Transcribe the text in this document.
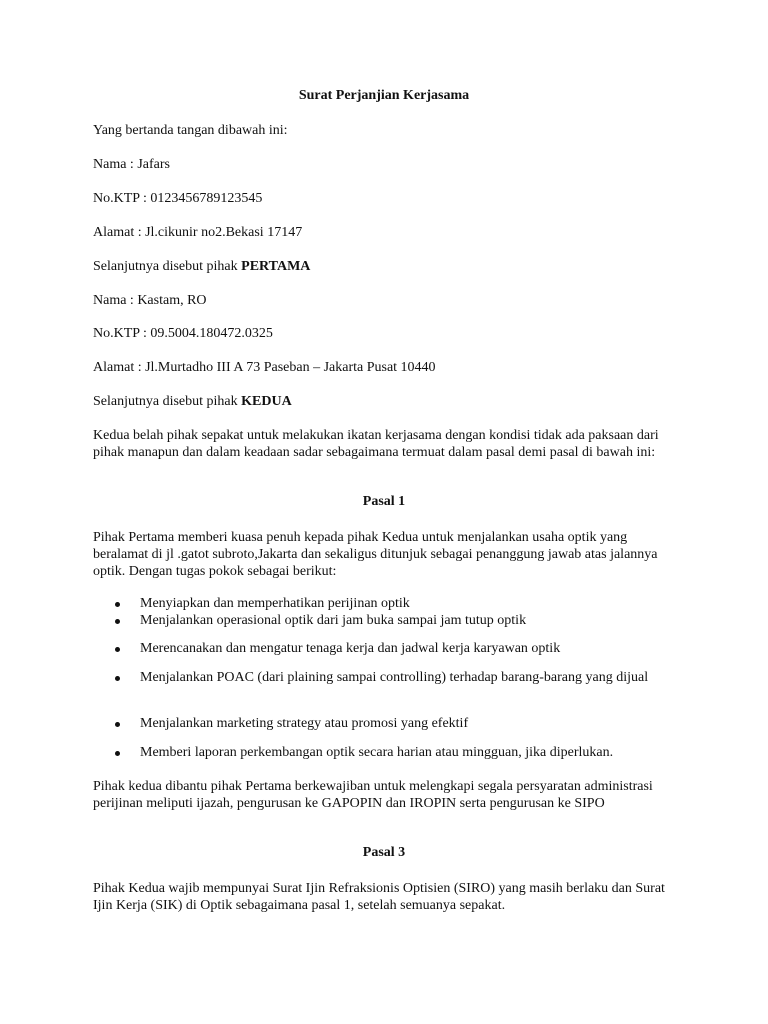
Surat Perjanjian Kerjasama

Yang bertanda tangan dibawah ini:

Nama : Jafars

No.KTP : 0123456789123545

Alamat : Jl.cikunir no2.Bekasi 17147

Selanjutnya disebut pihak PERTAMA

Nama : Kastam, RO

No.KTP : 09.5004.180472.0325

Alamat : Jl.Murtadho III A 73 Paseban – Jakarta Pusat 10440

Selanjutnya disebut pihak KEDUA

Kedua belah pihak sepakat untuk melakukan ikatan kerjasama dengan kondisi tidak ada paksaan dari pihak manapun dan dalam keadaan sadar sebagaimana termuat dalam pasal demi pasal di bawah ini:

Pasal 1

Pihak Pertama memberi kuasa penuh kepada pihak Kedua untuk menjalankan usaha optik yang beralamat di jl .gatot subroto,Jakarta dan sekaligus ditunjuk sebagai penanggung jawab atas jalannya optik. Dengan tugas pokok sebagai berikut:

Menyiapkan dan memperhatikan perijinan optik
Menjalankan operasional optik dari jam buka sampai jam tutup optik
Merencanakan dan mengatur tenaga kerja dan jadwal kerja karyawan optik
Menjalankan POAC (dari plaining sampai controlling) terhadap barang-barang yang dijual
Menjalankan marketing strategy atau promosi yang efektif
Memberi laporan perkembangan optik secara harian atau mingguan, jika diperlukan.

Pihak kedua dibantu pihak Pertama berkewajiban untuk melengkapi segala persyaratan administrasi perijinan meliputi ijazah, pengurusan ke GAPOPIN dan IROPIN serta pengurusan ke SIPO

Pasal 3

Pihak Kedua wajib mempunyai Surat Ijin Refraksionis Optisien (SIRO) yang masih berlaku dan Surat Ijin Kerja (SIK) di Optik sebagaimana pasal 1, setelah semuanya sepakat.
